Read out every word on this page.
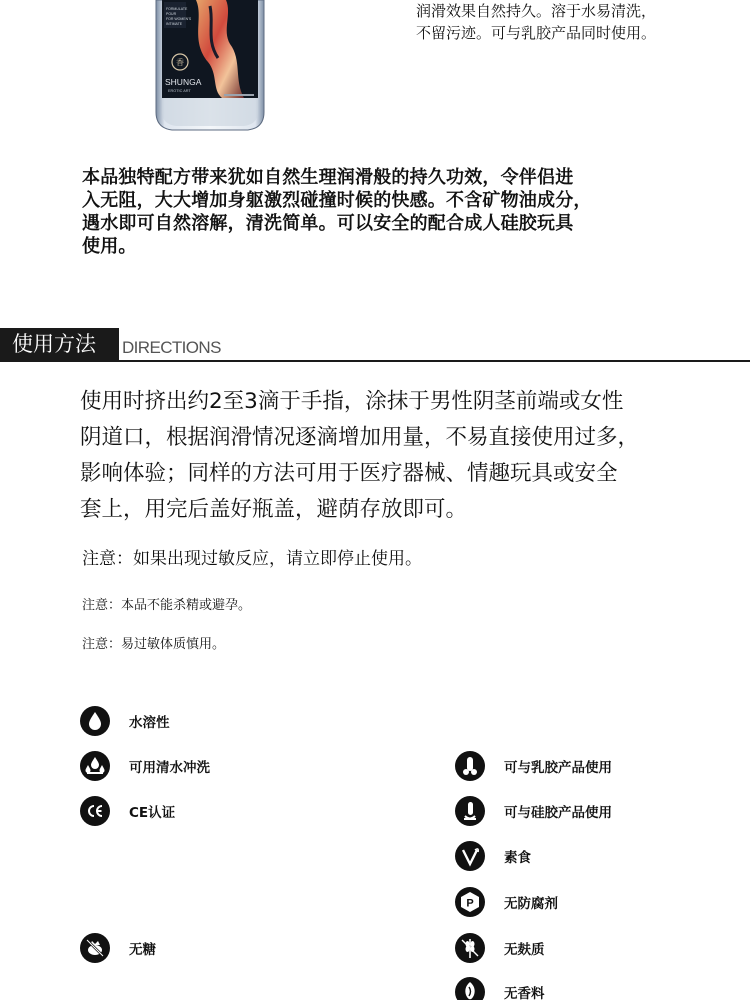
FORMULATE
POUR
FOR WOMEN'S
INTIMATE
香
SHUNGA
EROTIC ART
润滑效果自然持久。溶于水易清洗，
不留污迹。可与乳胶产品同时使用。
本品独特配方带来犹如自然生理润滑般的持久功效，令伴侣进
入无阻，大大增加身躯激烈碰撞时候的快感。不含矿物油成分，
遇水即可自然溶解，清洗简单。可以安全的配合成人硅胶玩具
使用。
使用方法	DIRECTIONS
使用时挤出约2至3滴于手指，涂抹于男性阴茎前端或女性
阴道口，根据润滑情况逐滴增加用量，不易直接使用过多，
影响体验；同样的方法可用于医疗器械、情趣玩具或安全
套上，用完后盖好瓶盖，避荫存放即可。
注意：如果出现过敏反应，请立即停止使用。
注意：本品不能杀精或避孕。
注意：易过敏体质慎用。
水溶性
可用清水冲洗
CE认证
无糖
可与乳胶产品使用
可与硅胶产品使用
素食
P 无防腐剂
无麸质
无香料
